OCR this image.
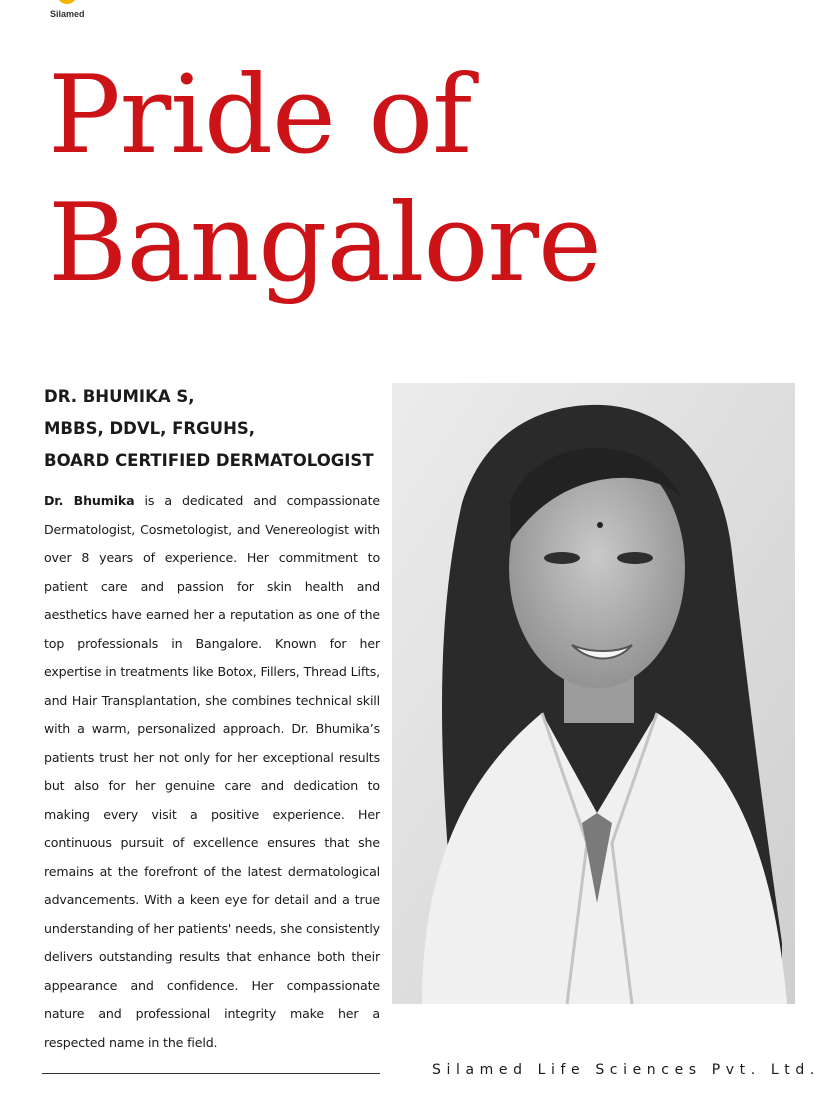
Silamed
Pride of
Bangalore
DR. BHUMIKA S,
MBBS, DDVL, FRGUHS,
BOARD CERTIFIED DERMATOLOGIST

Dr. Bhumika is a dedicated and compassionate Dermatologist, Cosmetologist, and Venereologist with over 8 years of experience. Her commitment to patient care and passion for skin health and aesthetics have earned her a reputation as one of the top professionals in Bangalore. Known for her expertise in treatments like Botox, Fillers, Thread Lifts, and Hair Transplantation, she combines technical skill with a warm, personalized approach. Dr. Bhumika’s patients trust her not only for her exceptional results but also for her genuine care and dedication to making every visit a positive experience. Her continuous pursuit of excellence ensures that she remains at the forefront of the latest dermatological advancements. With a keen eye for detail and a true understanding of her patients' needs, she consistently delivers outstanding results that enhance both their appearance and confidence. Her compassionate nature and professional integrity make her a respected name in the field.

Silamed Life Sciences Pvt. Ltd.
